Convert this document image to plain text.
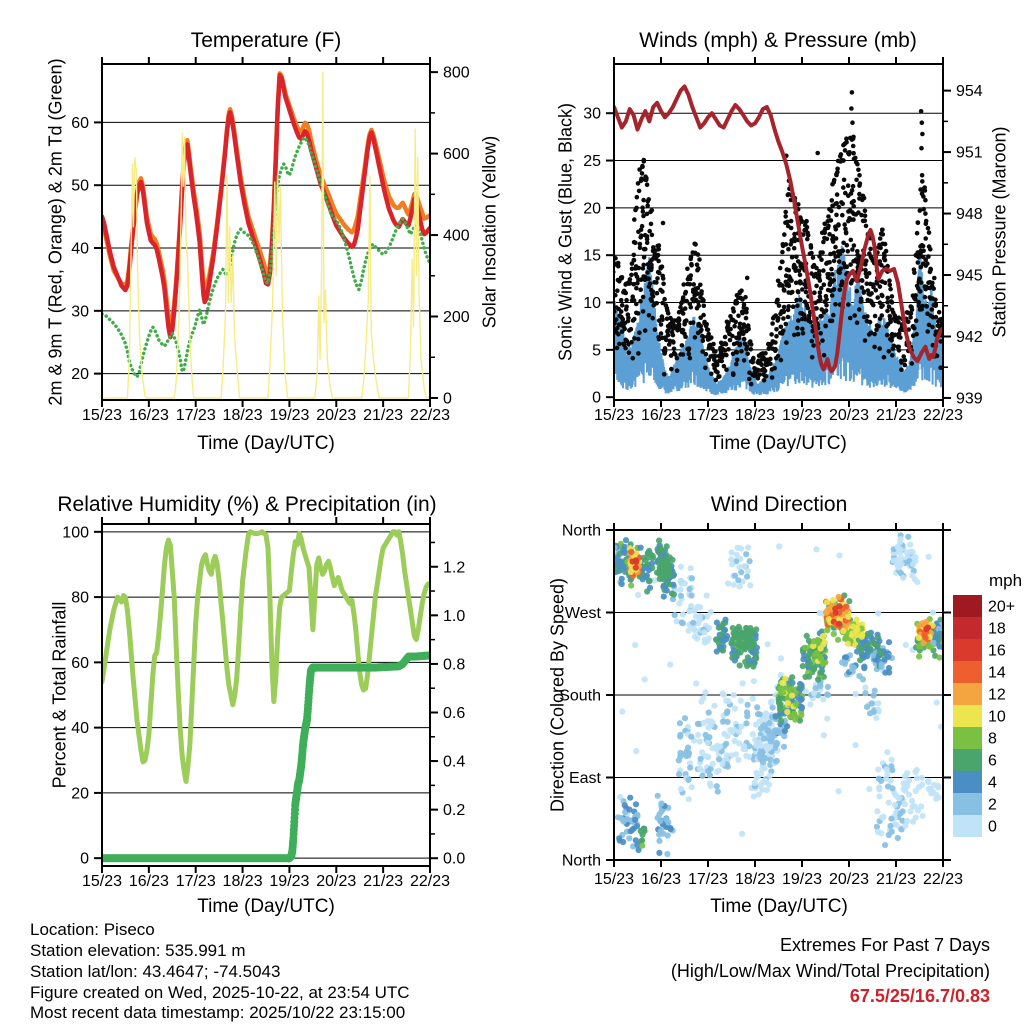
15/23 16/23 17/23 18/23 19/23 20/23 21/23 22/23
20
30
40
50
60
0
200
400
600
800
15/23 16/23 17/23 18/23 19/23 20/23 21/23 22/23
0
5
10
15
20
25
30
939
942
945
948
951
954
15/23 16/23 17/23 18/23 19/23 20/23 21/23 22/23
0
20
40
60
80
100
0.0
0.2
0.4
0.6
0.8
1.0
1.2
15/23 16/23 17/23 18/23 19/23 20/23 21/23 22/23
North
West
South
East
North
mph
20+
18
16
14
12
10
8
6
4
2
0
Temperature (F)	Winds (mph) & Pressure (mb)
Relative Humidity (%) & Precipitation (in)	Wind Direction
Time (Day/UTC)	Time (Day/UTC)
Time (Day/UTC)	Time (Day/UTC)
2m & 9m T (Red, Orange) & 2m Td (Green)	Solar Insolation (Yellow)	Sonic Wind & Gust (Blue, Black)	Station Pressure (Maroon)
Percent & Total Rainfall	Direction (Colored By Speed)
Location: Piseco
Station elevation: 535.991 m
Station lat/lon: 43.4647; -74.5043
Figure created on Wed, 2025-10-22, at 23:54 UTC
Most recent data timestamp: 2025/10/22 23:15:00
Extremes For Past 7 Days
(High/Low/Max Wind/Total Precipitation)
67.5/25/16.7/0.83
